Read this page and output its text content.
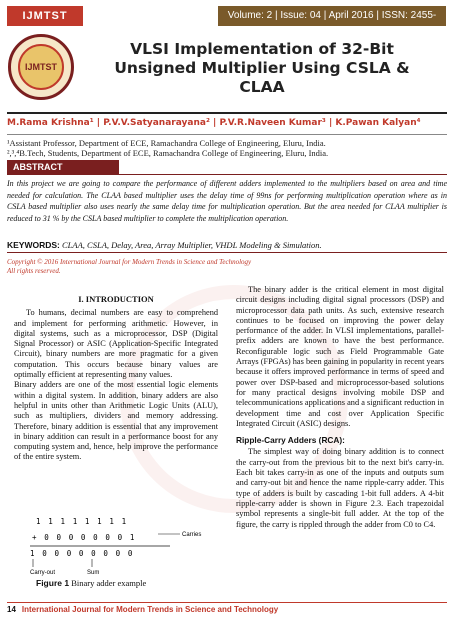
IJMTST	Volume: 2 | Issue: 04 | April 2016 | ISSN: 2455-3778
IJMTST
VLSI Implementation of 32-Bit Unsigned Multiplier Using CSLA & CLAA
M.Rama Krishna¹ | P.V.V.Satyanarayana² | P.V.R.Naveen Kumar³ | K.Pawan Kalyan⁴
¹Assistant Professor, Department of ECE, Ramachandra College of Engineering, Eluru, India.
²,³,⁴B.Tech, Students, Department of ECE, Ramachandra College of Engineering, Eluru, India.
ABSTRACT
In this project we are going to compare the performance of different adders implemented to the multipliers based on area and time needed for calculation. The CLAA based multiplier uses the delay time of 99ns for performing multiplication operation where as in CSLA based multiplier also uses nearly the same delay time for multiplication operation. But the area needed for CLAA multiplier is reduced to 31 % by the CSLA based multiplier to complete the multiplication operation.
KEYWORDS: CLAA, CSLA, Delay, Area, Array Multiplier, VHDL Modeling & Simulation.
Copyright © 2016 International Journal for Modern Trends in Science and Technology
All rights reserved.
I. INTRODUCTION

To humans, decimal numbers are easy to comprehend and implement for performing arithmetic. However, in digital systems, such as a microprocessor, DSP (Digital Signal Processor) or ASIC (Application-Specific Integrated Circuit), binary numbers are more pragmatic for a given computation. This occurs because binary values are optimally efficient at representing many values.

Binary adders are one of the most essential logic elements within a digital system. In addition, binary adders are also helpful in units other than Arithmetic Logic Units (ALU), such as multipliers, dividers and memory addressing. Therefore, binary addition is essential that any improvement in binary addition can result in a performance boost for any computing system and, hence, help improve the performance of the entire system.

1 1 1 1 1 1 1 1
+ 0 0 0 0 0 0 0 1
1 0 0 0 0 0 0 0 0
Carries
Carry-out	Sum
Figure 1 Binary adder example

The binary adder is the critical element in most digital circuit designs including digital signal processors (DSP) and microprocessor data path units. As such, extensive research continues to be focused on improving the power delay performance of the adder. In VLSI implementations, parallel-prefix adders are known to have the best performance. Reconfigurable logic such as Field Programmable Gate Arrays (FPGAs) has been gaining in popularity in recent years because it offers improved performance in terms of speed and power over DSP-based and microprocessor-based solutions for many practical designs involving mobile DSP and telecommunications applications and a significant reduction in development time and cost over Application Specific Integrated Circuit (ASIC) designs.

Ripple-Carry Adders (RCA):

The simplest way of doing binary addition is to connect the carry-out from the previous bit to the next bit's carry-in. Each bit takes carry-in as one of the inputs and outputs sum and carry-out bit and hence the name ripple-carry adder. This type of adders is built by cascading 1-bit full adders. A 4-bit ripple-carry adder is shown in Figure 2.3. Each trapezoidal symbol represents a single-bit full adder. At the top of the figure, the carry is rippled through the adder from C0 to C4.

14 International Journal for Modern Trends in Science and Technology
